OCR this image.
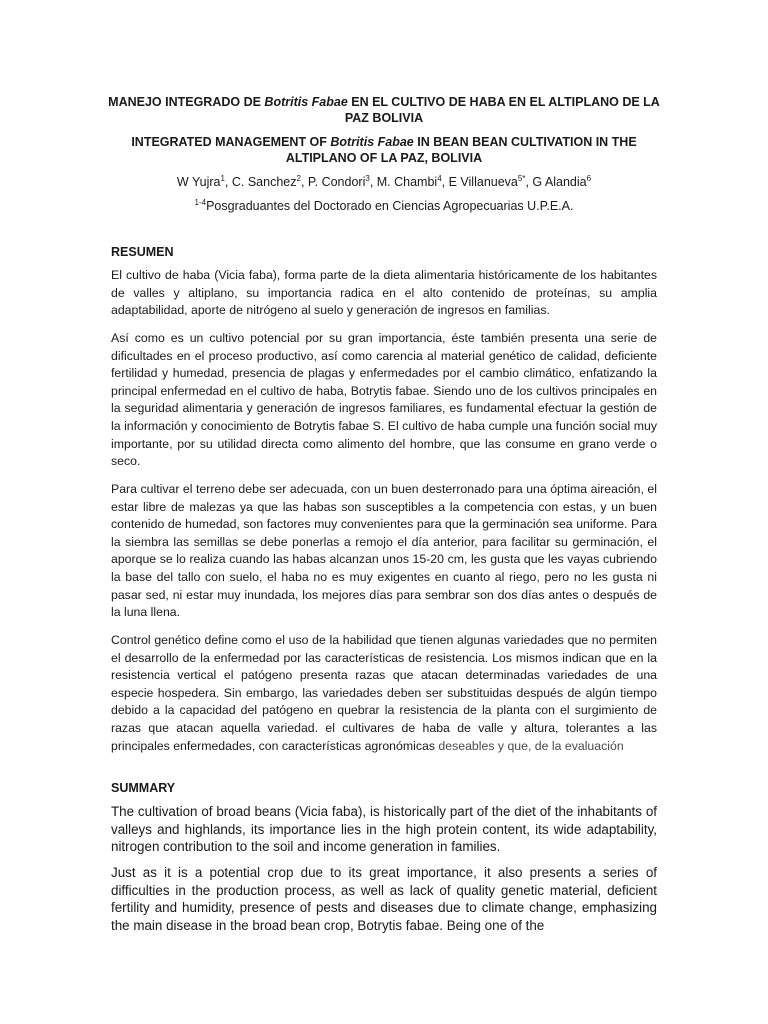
MANEJO INTEGRADO DE Botritis Fabae EN EL CULTIVO DE HABA EN EL ALTIPLANO DE LA PAZ BOLIVIA
INTEGRATED MANAGEMENT OF Botritis Fabae IN BEAN BEAN CULTIVATION IN THE ALTIPLANO OF LA PAZ, BOLIVIA
W Yujra$^1$, C. Sanchez$^2$, P. Condori$^3$, M. Chambi$^4$, E Villanueva$^{5*}$, G Alandia$^6$
$^{1-4}$Posgraduantes del Doctorado en Ciencias Agropecuarias U.P.E.A.
RESUMEN

El cultivo de haba (Vicia faba), forma parte de la dieta alimentaria históricamente de los habitantes de valles y altiplano, su importancia radica en el alto contenido de proteínas, su amplia adaptabilidad, aporte de nitrógeno al suelo y generación de ingresos en familias.

Así como es un cultivo potencial por su gran importancia, éste también presenta una serie de dificultades en el proceso productivo, así como carencia al material genético de calidad, deficiente fertilidad y humedad, presencia de plagas y enfermedades por el cambio climático, enfatizando la principal enfermedad en el cultivo de haba, Botrytis fabae. Siendo uno de los cultivos principales en la seguridad alimentaria y generación de ingresos familiares, es fundamental efectuar la gestión de la información y conocimiento de Botrytis fabae S. El cultivo de haba cumple una función social muy importante, por su utilidad directa como alimento del hombre, que las consume en grano verde o seco.

Para cultivar el terreno debe ser adecuada, con un buen desterronado para una óptima aireación, el estar libre de malezas ya que las habas son susceptibles a la competencia con estas, y un buen contenido de humedad, son factores muy convenientes para que la germinación sea uniforme. Para la siembra las semillas se debe ponerlas a remojo el día anterior, para facilitar su germinación, el aporque se lo realiza cuando las habas alcanzan unos 15-20 cm, les gusta que les vayas cubriendo la base del tallo con suelo, el haba no es muy exigentes en cuanto al riego, pero no les gusta ni pasar sed, ni estar muy inundada, los mejores días para sembrar son dos días antes o después de la luna llena.

Control genético define como el uso de la habilidad que tienen algunas variedades que no permiten el desarrollo de la enfermedad por las características de resistencia. Los mismos indican que en la resistencia vertical el patógeno presenta razas que atacan determinadas variedades de una especie hospedera. Sin embargo, las variedades deben ser substituidas después de algún tiempo debido a la capacidad del patógeno en quebrar la resistencia de la planta con el surgimiento de razas que atacan aquella variedad. el cultivares de haba de valle y altura, tolerantes a las principales enfermedades, con características agronómicas deseables y que, de la evaluación

SUMMARY

The cultivation of broad beans (Vicia faba), is historically part of the diet of the inhabitants of valleys and highlands, its importance lies in the high protein content, its wide adaptability, nitrogen contribution to the soil and income generation in families.

Just as it is a potential crop due to its great importance, it also presents a series of difficulties in the production process, as well as lack of quality genetic material, deficient fertility and humidity, presence of pests and diseases due to climate change, emphasizing the main disease in the broad bean crop, Botrytis fabae. Being one of the
